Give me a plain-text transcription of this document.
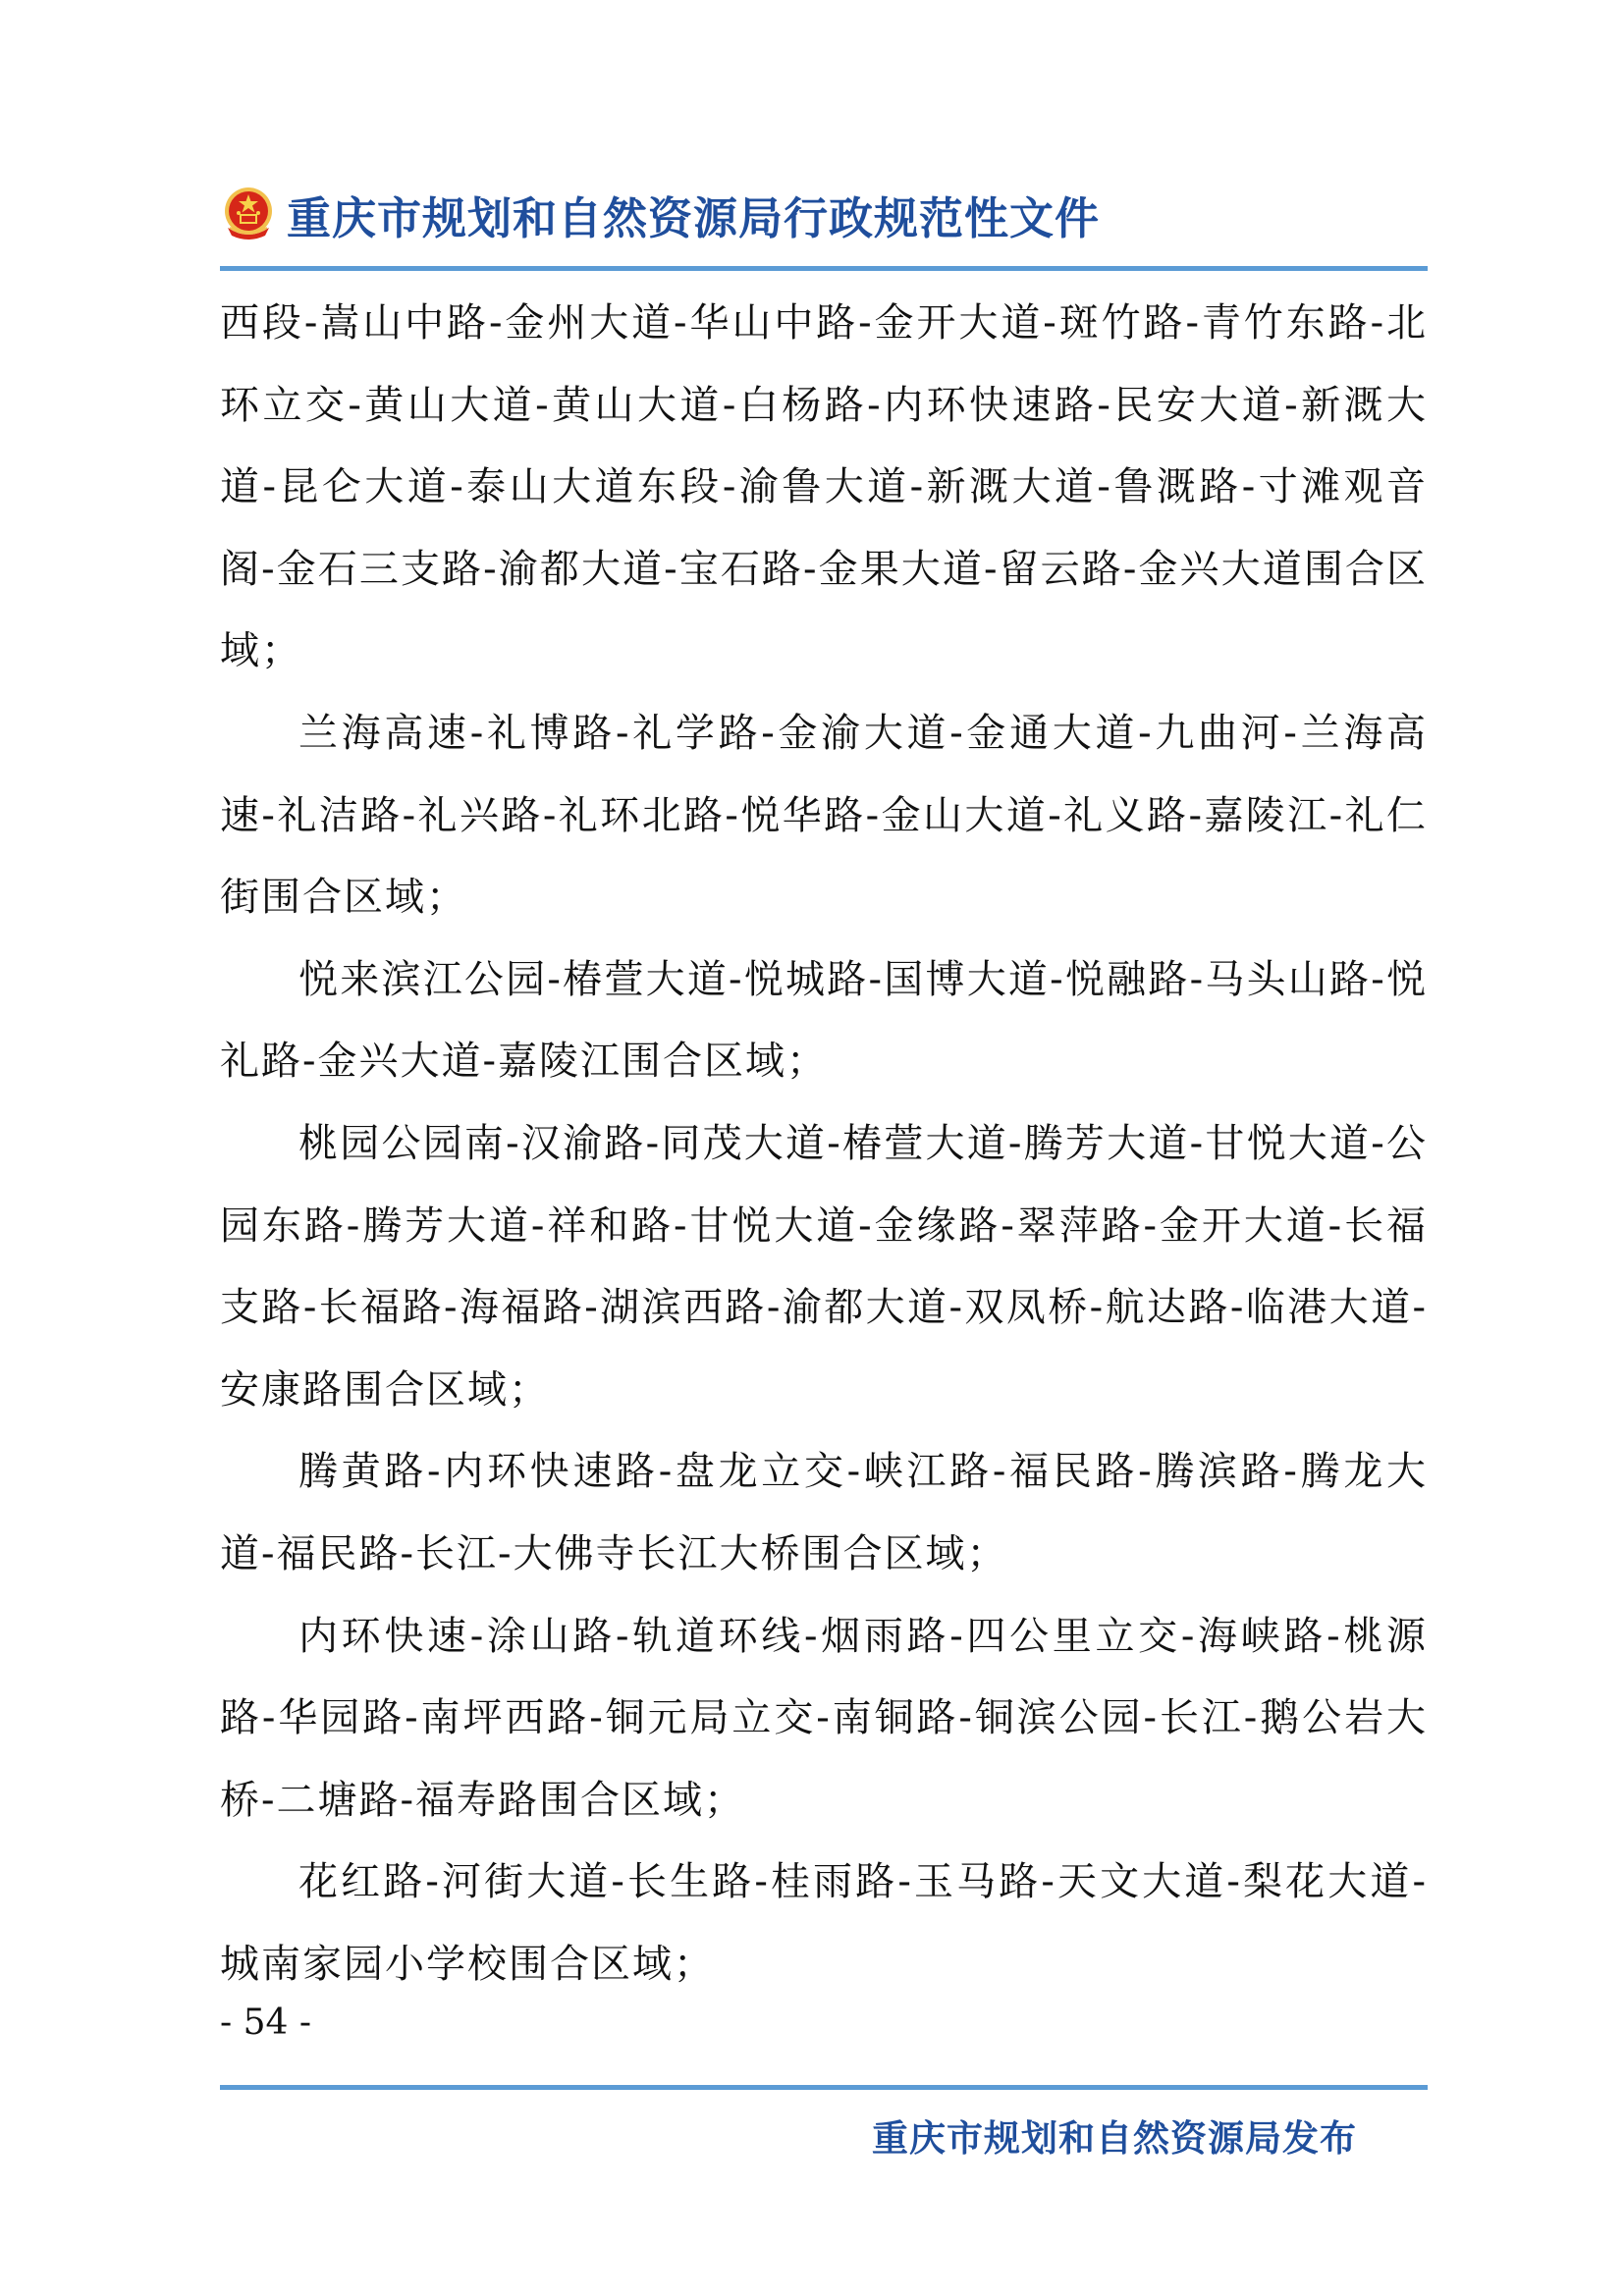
重庆市规划和自然资源局行政规范性文件

西段-嵩山中路-金州大道-华山中路-金开大道-斑竹路-青竹东路-北环立交-黄山大道-黄山大道-白杨路-内环快速路-民安大道-新溉大道-昆仑大道-泰山大道东段-渝鲁大道-新溉大道-鲁溉路-寸滩观音阁-金石三支路-渝都大道-宝石路-金果大道-留云路-金兴大道围合区域；

兰海高速-礼博路-礼学路-金渝大道-金通大道-九曲河-兰海高速-礼洁路-礼兴路-礼环北路-悦华路-金山大道-礼义路-嘉陵江-礼仁街围合区域；

悦来滨江公园-椿萱大道-悦城路-国博大道-悦融路-马头山路-悦礼路-金兴大道-嘉陵江围合区域；

桃园公园南-汉渝路-同茂大道-椿萱大道-腾芳大道-甘悦大道-公园东路-腾芳大道-祥和路-甘悦大道-金缘路-翠萍路-金开大道-长福支路-长福路-海福路-湖滨西路-渝都大道-双凤桥-航达路-临港大道-安康路围合区域；

腾黄路-内环快速路-盘龙立交-峡江路-福民路-腾滨路-腾龙大道-福民路-长江-大佛寺长江大桥围合区域；

内环快速-涂山路-轨道环线-烟雨路-四公里立交-海峡路-桃源路-华园路-南坪西路-铜元局立交-南铜路-铜滨公园-长江-鹅公岩大桥-二塘路-福寿路围合区域；

花红路-河街大道-长生路-桂雨路-玉马路-天文大道-梨花大道-城南家园小学校围合区域；

- 54 -
重庆市规划和自然资源局发布
